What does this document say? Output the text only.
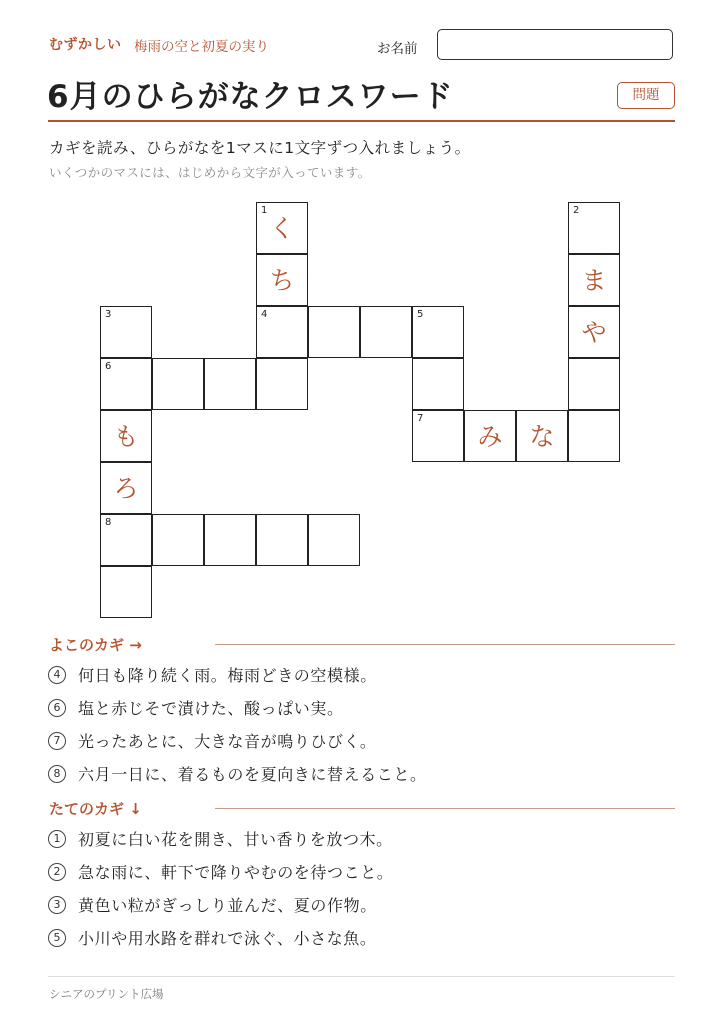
むずかしい 梅雨の空と初夏の実り	お名前
6月のひらがなクロスワード	問題
カギを読み、ひらがなを1マスに1文字ずつ入れましょう。
いくつかのマスには、はじめから文字が入っています。
1
く
2
ち	ま
3	4	5
や
6
も
7
み	な
ろ
8
よこのカギ →
4	何日も降り続く雨。梅雨どきの空模様。
6	塩と赤じそで漬けた、酸っぱい実。
7	光ったあとに、大きな音が鳴りひびく。
8	六月一日に、着るものを夏向きに替えること。
たてのカギ ↓
1	初夏に白い花を開き、甘い香りを放つ木。
2	急な雨に、軒下で降りやむのを待つこと。
3	黄色い粒がぎっしり並んだ、夏の作物。
5	小川や用水路を群れで泳ぐ、小さな魚。
シニアのプリント広場
